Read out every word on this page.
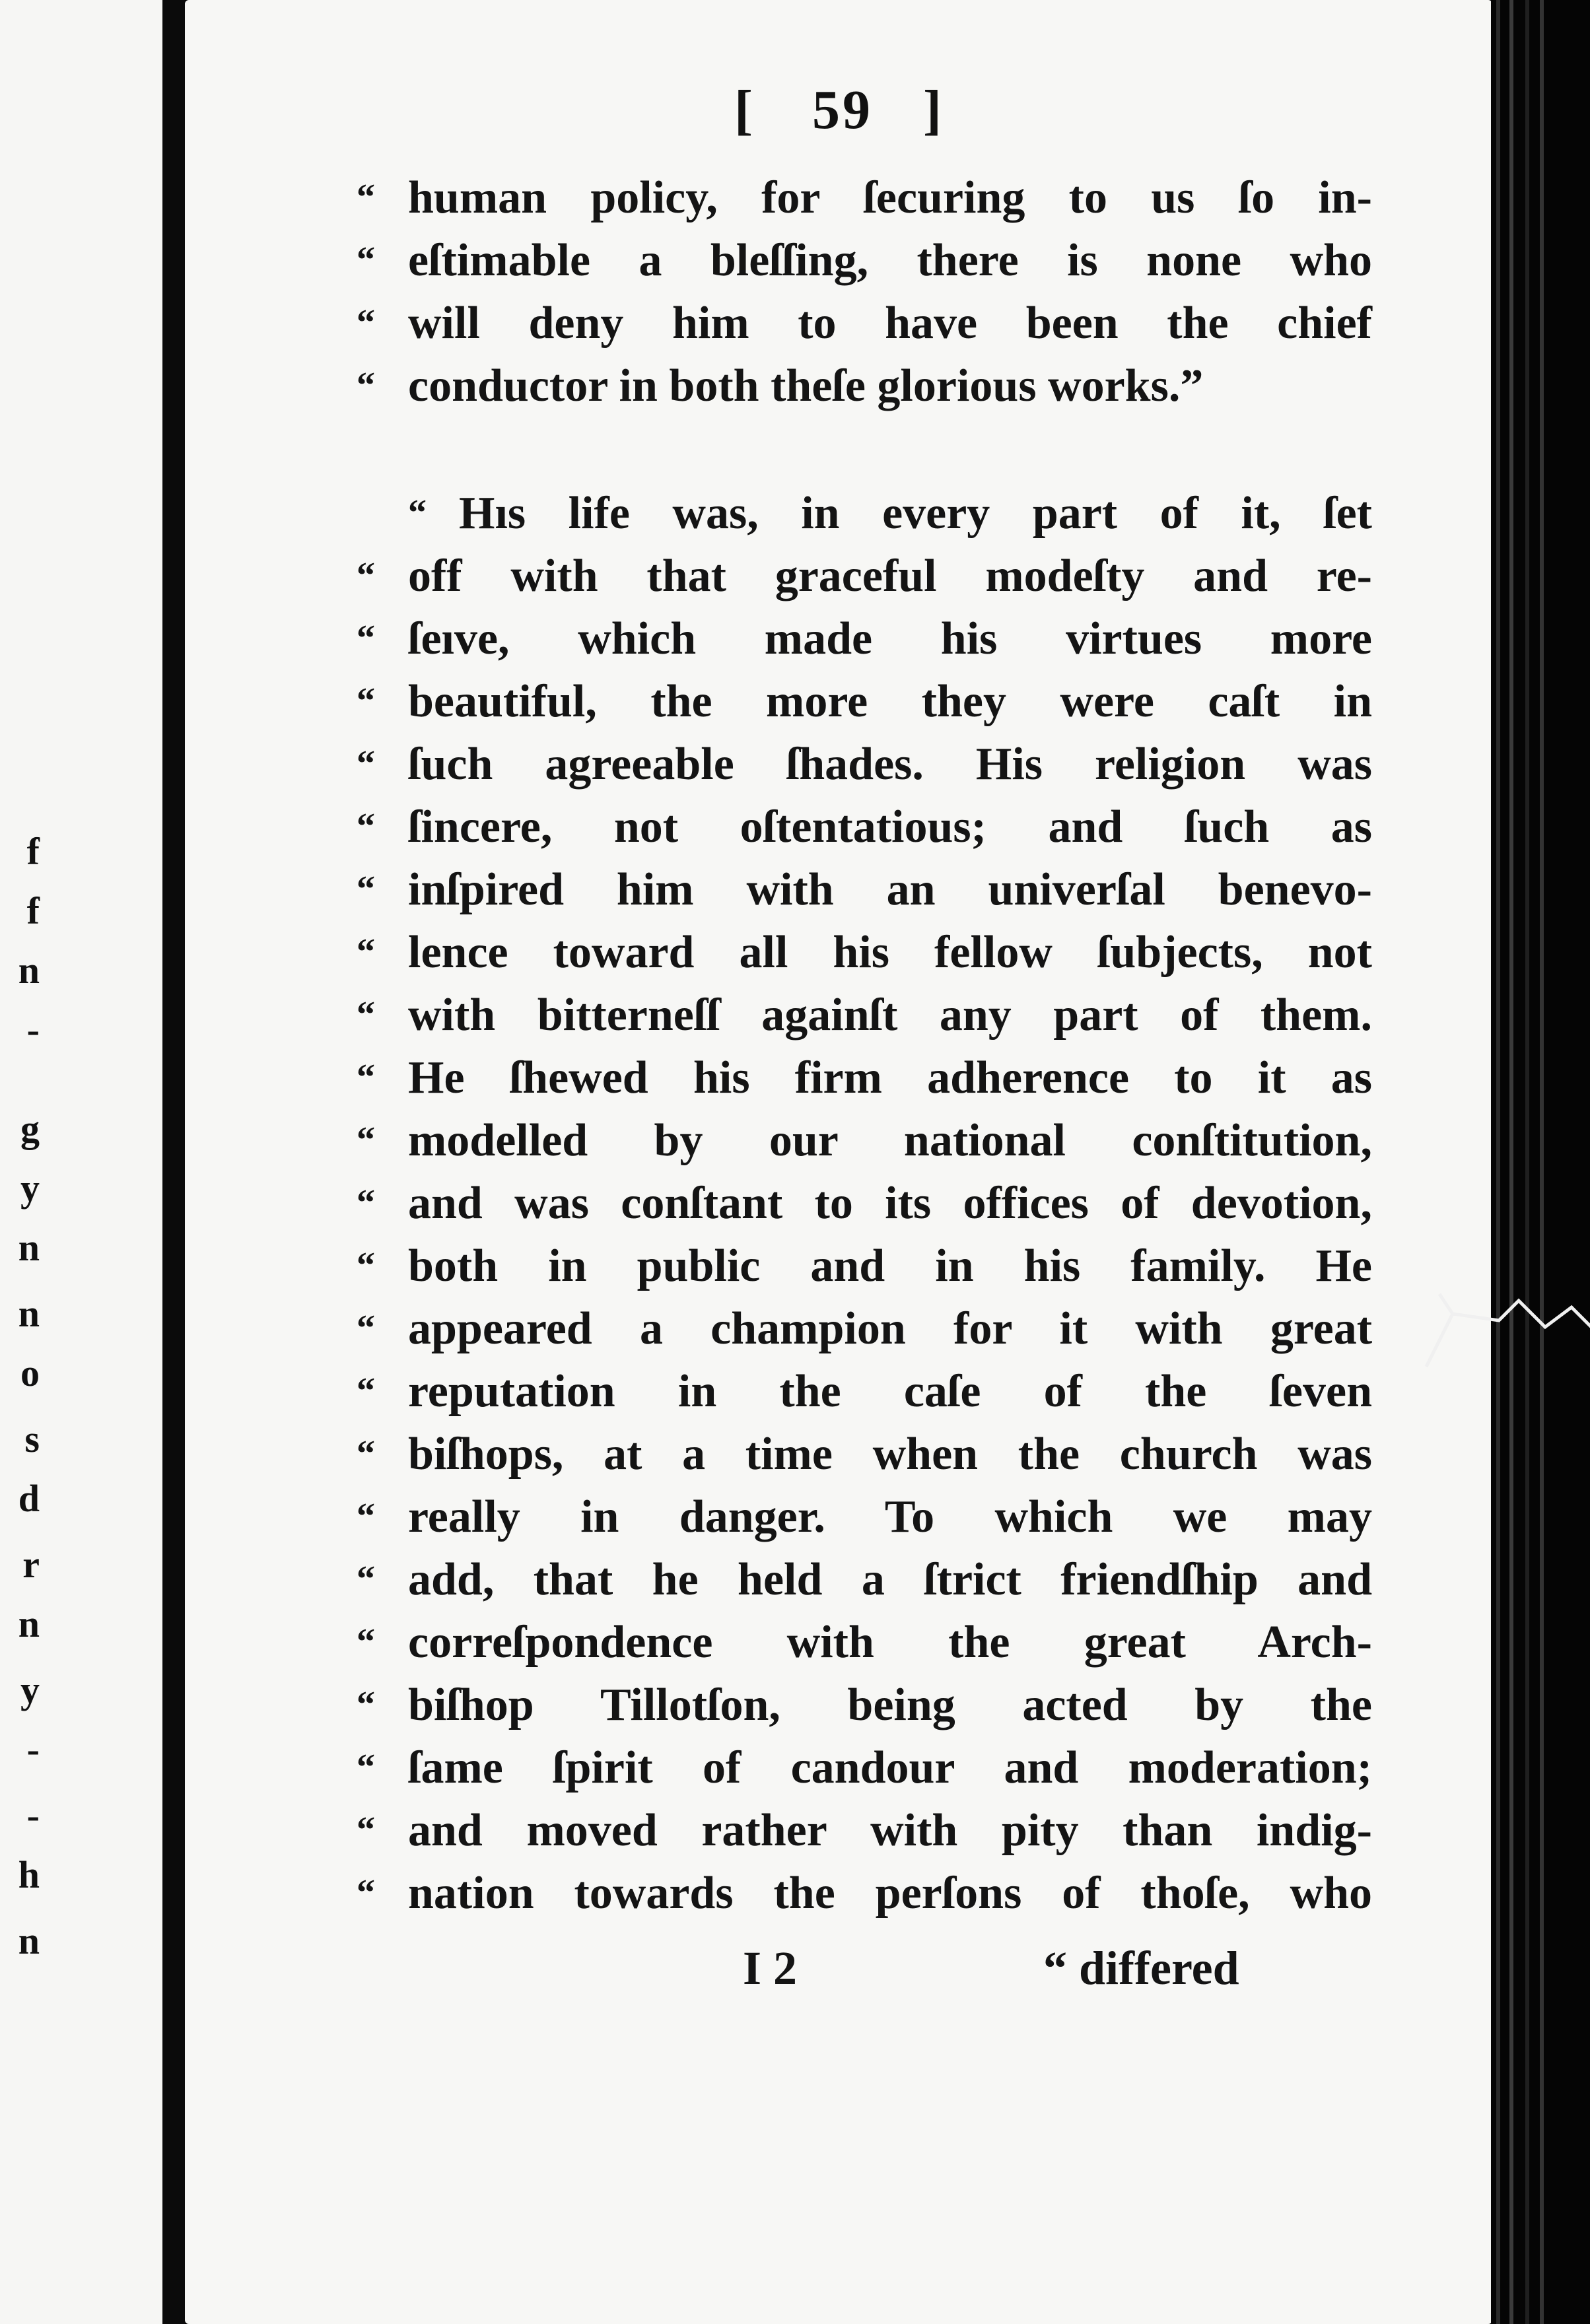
f
f
n
-
g
y
n
n
o
s
d
r
n
y
-
-
h
n
[ 59 ]
“ human policy, for ſecuring to us ſo in-
“ eſtimable a bleſſing, there is none who
“ will deny him to have been the chief
“ conductor in both theſe glorious works.”
“ Hıs life was, in every part of it, ſet
“ off with that graceful modeſty and re-
“ ſeıve, which made his virtues more
“ beautiful, the more they were caſt in
“ ſuch agreeable ſhades. His religion was
“ ſincere, not oſtentatious; and ſuch as
“ inſpired him with an univerſal benevo-
“ lence toward all his fellow ſubjects, not
“ with bitterneſſ againſt any part of them.
“ He ſhewed his firm adherence to it as
“ modelled by our national conſtitution,
“ and was conſtant to its offices of devotion,
“ both in public and in his family. He
“ appeared a champion for it with great
“ reputation in the caſe of the ſeven
“ biſhops, at a time when the church was
“ really in danger. To which we may
“ add, that he held a ſtrict friendſhip and
“ correſpondence with the great Arch-
“ biſhop Tillotſon, being acted by the
“ ſame ſpirit of candour and moderation;
“ and moved rather with pity than indig-
“ nation towards the perſons of thoſe, who
I 2	“ differed
